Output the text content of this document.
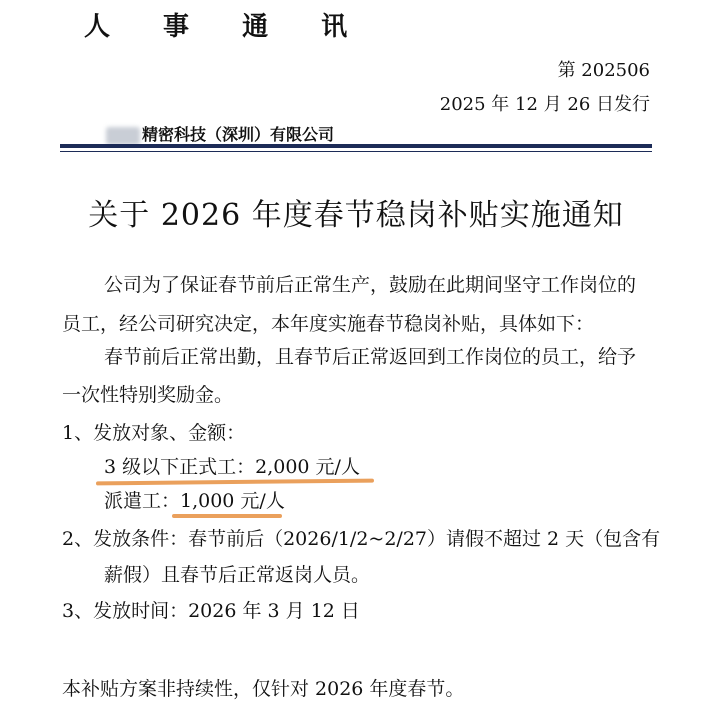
人 事 通 讯
第 202506
2025 年 12 月 26 日发行
精密科技（深圳）有限公司
关于 2026 年度春节稳岗补贴实施通知
公司为了保证春节前后正常生产，鼓励在此期间坚守工作岗位的
员工，经公司研究决定，本年度实施春节稳岗补贴，具体如下：
春节前后正常出勤，且春节后正常返回到工作岗位的员工，给予
一次性特别奖励金。
1、发放对象、金额：
3 级以下正式工：2,000 元/人
派遣工：1,000 元/人
2、发放条件：春节前后（2026/1/2~2/27）请假不超过 2 天（包含有
薪假）且春节后正常返岗人员。
3、发放时间：2026 年 3 月 12 日
本补贴方案非持续性，仅针对 2026 年度春节。
